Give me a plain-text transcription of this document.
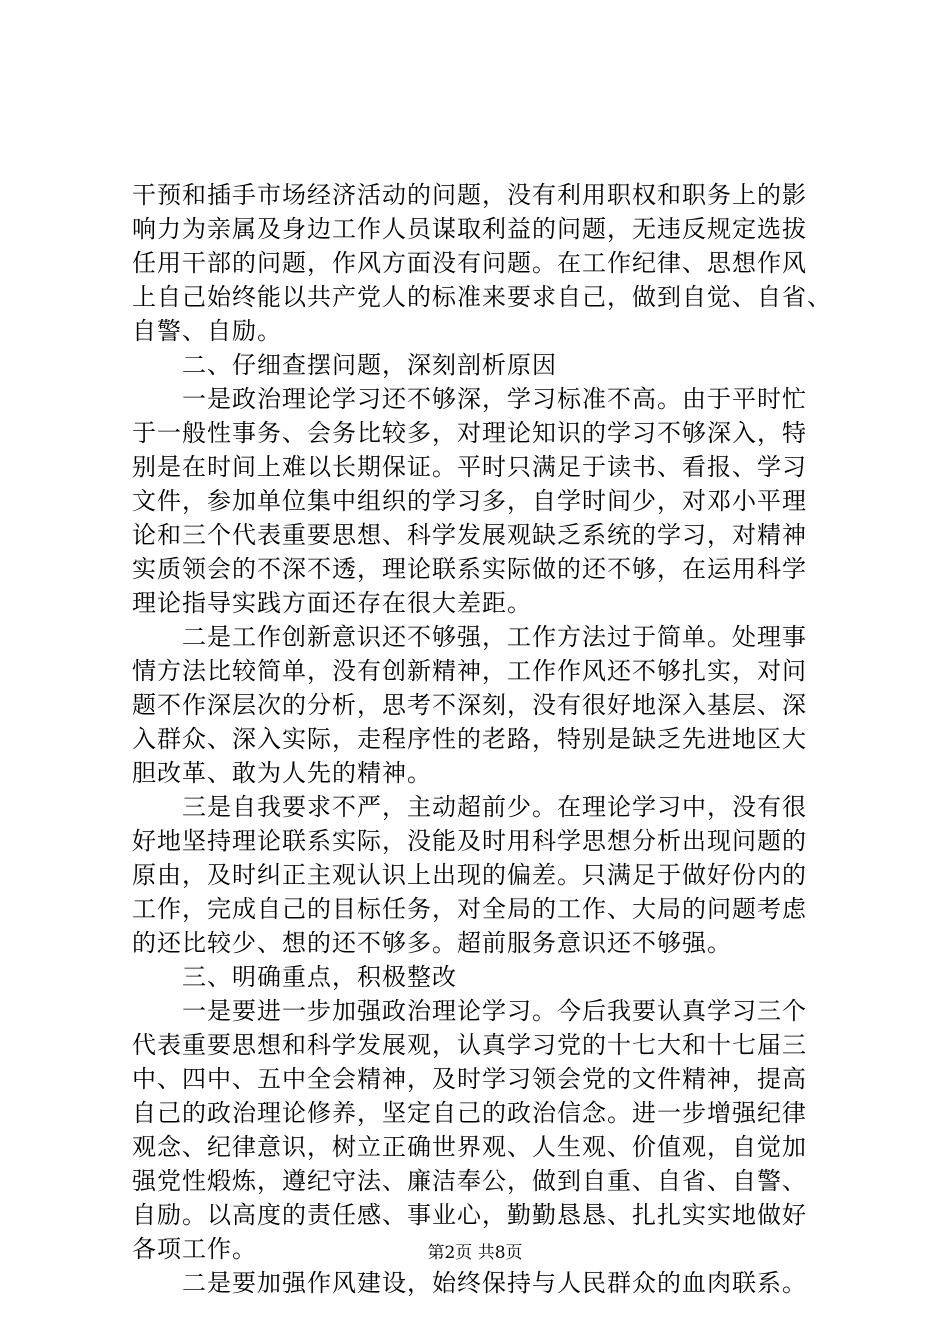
干预和插手市场经济活动的问题，没有利用职权和职务上的影
响力为亲属及身边工作人员谋取利益的问题，无违反规定选拔
任用干部的问题，作风方面没有问题。在工作纪律、思想作风
上自己始终能以共产党人的标准来要求自己，做到自觉、自省、
自警、自励。
　　二、仔细查摆问题，深刻剖析原因
　　一是政治理论学习还不够深，学习标准不高。由于平时忙
于一般性事务、会务比较多，对理论知识的学习不够深入，特
别是在时间上难以长期保证。平时只满足于读书、看报、学习
文件，参加单位集中组织的学习多，自学时间少，对邓小平理
论和三个代表重要思想、科学发展观缺乏系统的学习，对精神
实质领会的不深不透，理论联系实际做的还不够，在运用科学
理论指导实践方面还存在很大差距。
　　二是工作创新意识还不够强，工作方法过于简单。处理事
情方法比较简单，没有创新精神，工作作风还不够扎实，对问
题不作深层次的分析，思考不深刻，没有很好地深入基层、深
入群众、深入实际，走程序性的老路，特别是缺乏先进地区大
胆改革、敢为人先的精神。
　　三是自我要求不严，主动超前少。在理论学习中，没有很
好地坚持理论联系实际，没能及时用科学思想分析出现问题的
原由，及时纠正主观认识上出现的偏差。只满足于做好份内的
工作，完成自己的目标任务，对全局的工作、大局的问题考虑
的还比较少、想的还不够多。超前服务意识还不够强。
　　三、明确重点，积极整改
　　一是要进一步加强政治理论学习。今后我要认真学习三个
代表重要思想和科学发展观，认真学习党的十七大和十七届三
中、四中、五中全会精神，及时学习领会党的文件精神，提高
自己的政治理论修养，坚定自己的政治信念。进一步增强纪律
观念、纪律意识，树立正确世界观、人生观、价值观，自觉加
强党性煅炼，遵纪守法、廉洁奉公，做到自重、自省、自警、
自励。以高度的责任感、事业心，勤勤恳恳、扎扎实实地做好
各项工作。
　　二是要加强作风建设，始终保持与人民群众的血肉联系。
第2页 共8页
